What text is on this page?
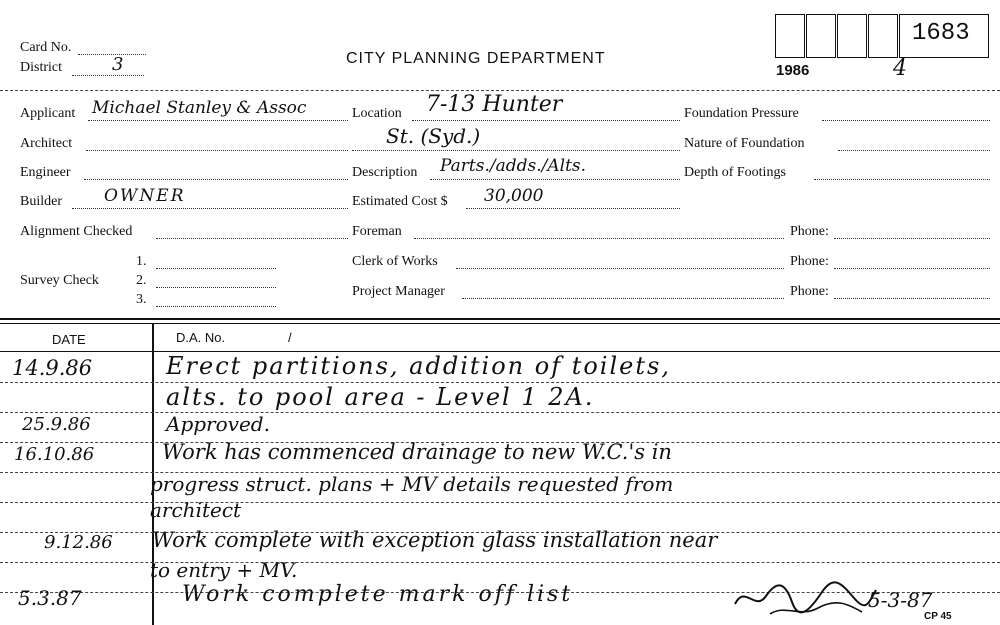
1683
Card No.
District	3	CITY PLANNING DEPARTMENT
1986	4
Applicant Michael Stanley & Assoc
Architect
Engineer
Builder OWNER
Alignment Checked
Survey Check
1.
2.
3.
Location 7-13 Hunter
St. (Syd.)
Description Parts./adds./Alts.
Estimated Cost $ 30,000
Foreman	Phone:
Clerk of Works	Phone:
Project Manager	Phone:
Foundation Pressure
Nature of Foundation
Depth of Footings
DATE	D.A. No.	/
14.9.86	Erect partitions, addition of toilets,
alts. to pool area - Level 1 2A.
25.9.86	Approved.
16.10.86	Work has commenced drainage to new W.C.'s in
progress struct. plans + MV details requested from
architect
9.12.86 Work complete with exception glass installation near
to entry + MV.
5.3.87	Work complete mark off list	5-3-87
CP 45
